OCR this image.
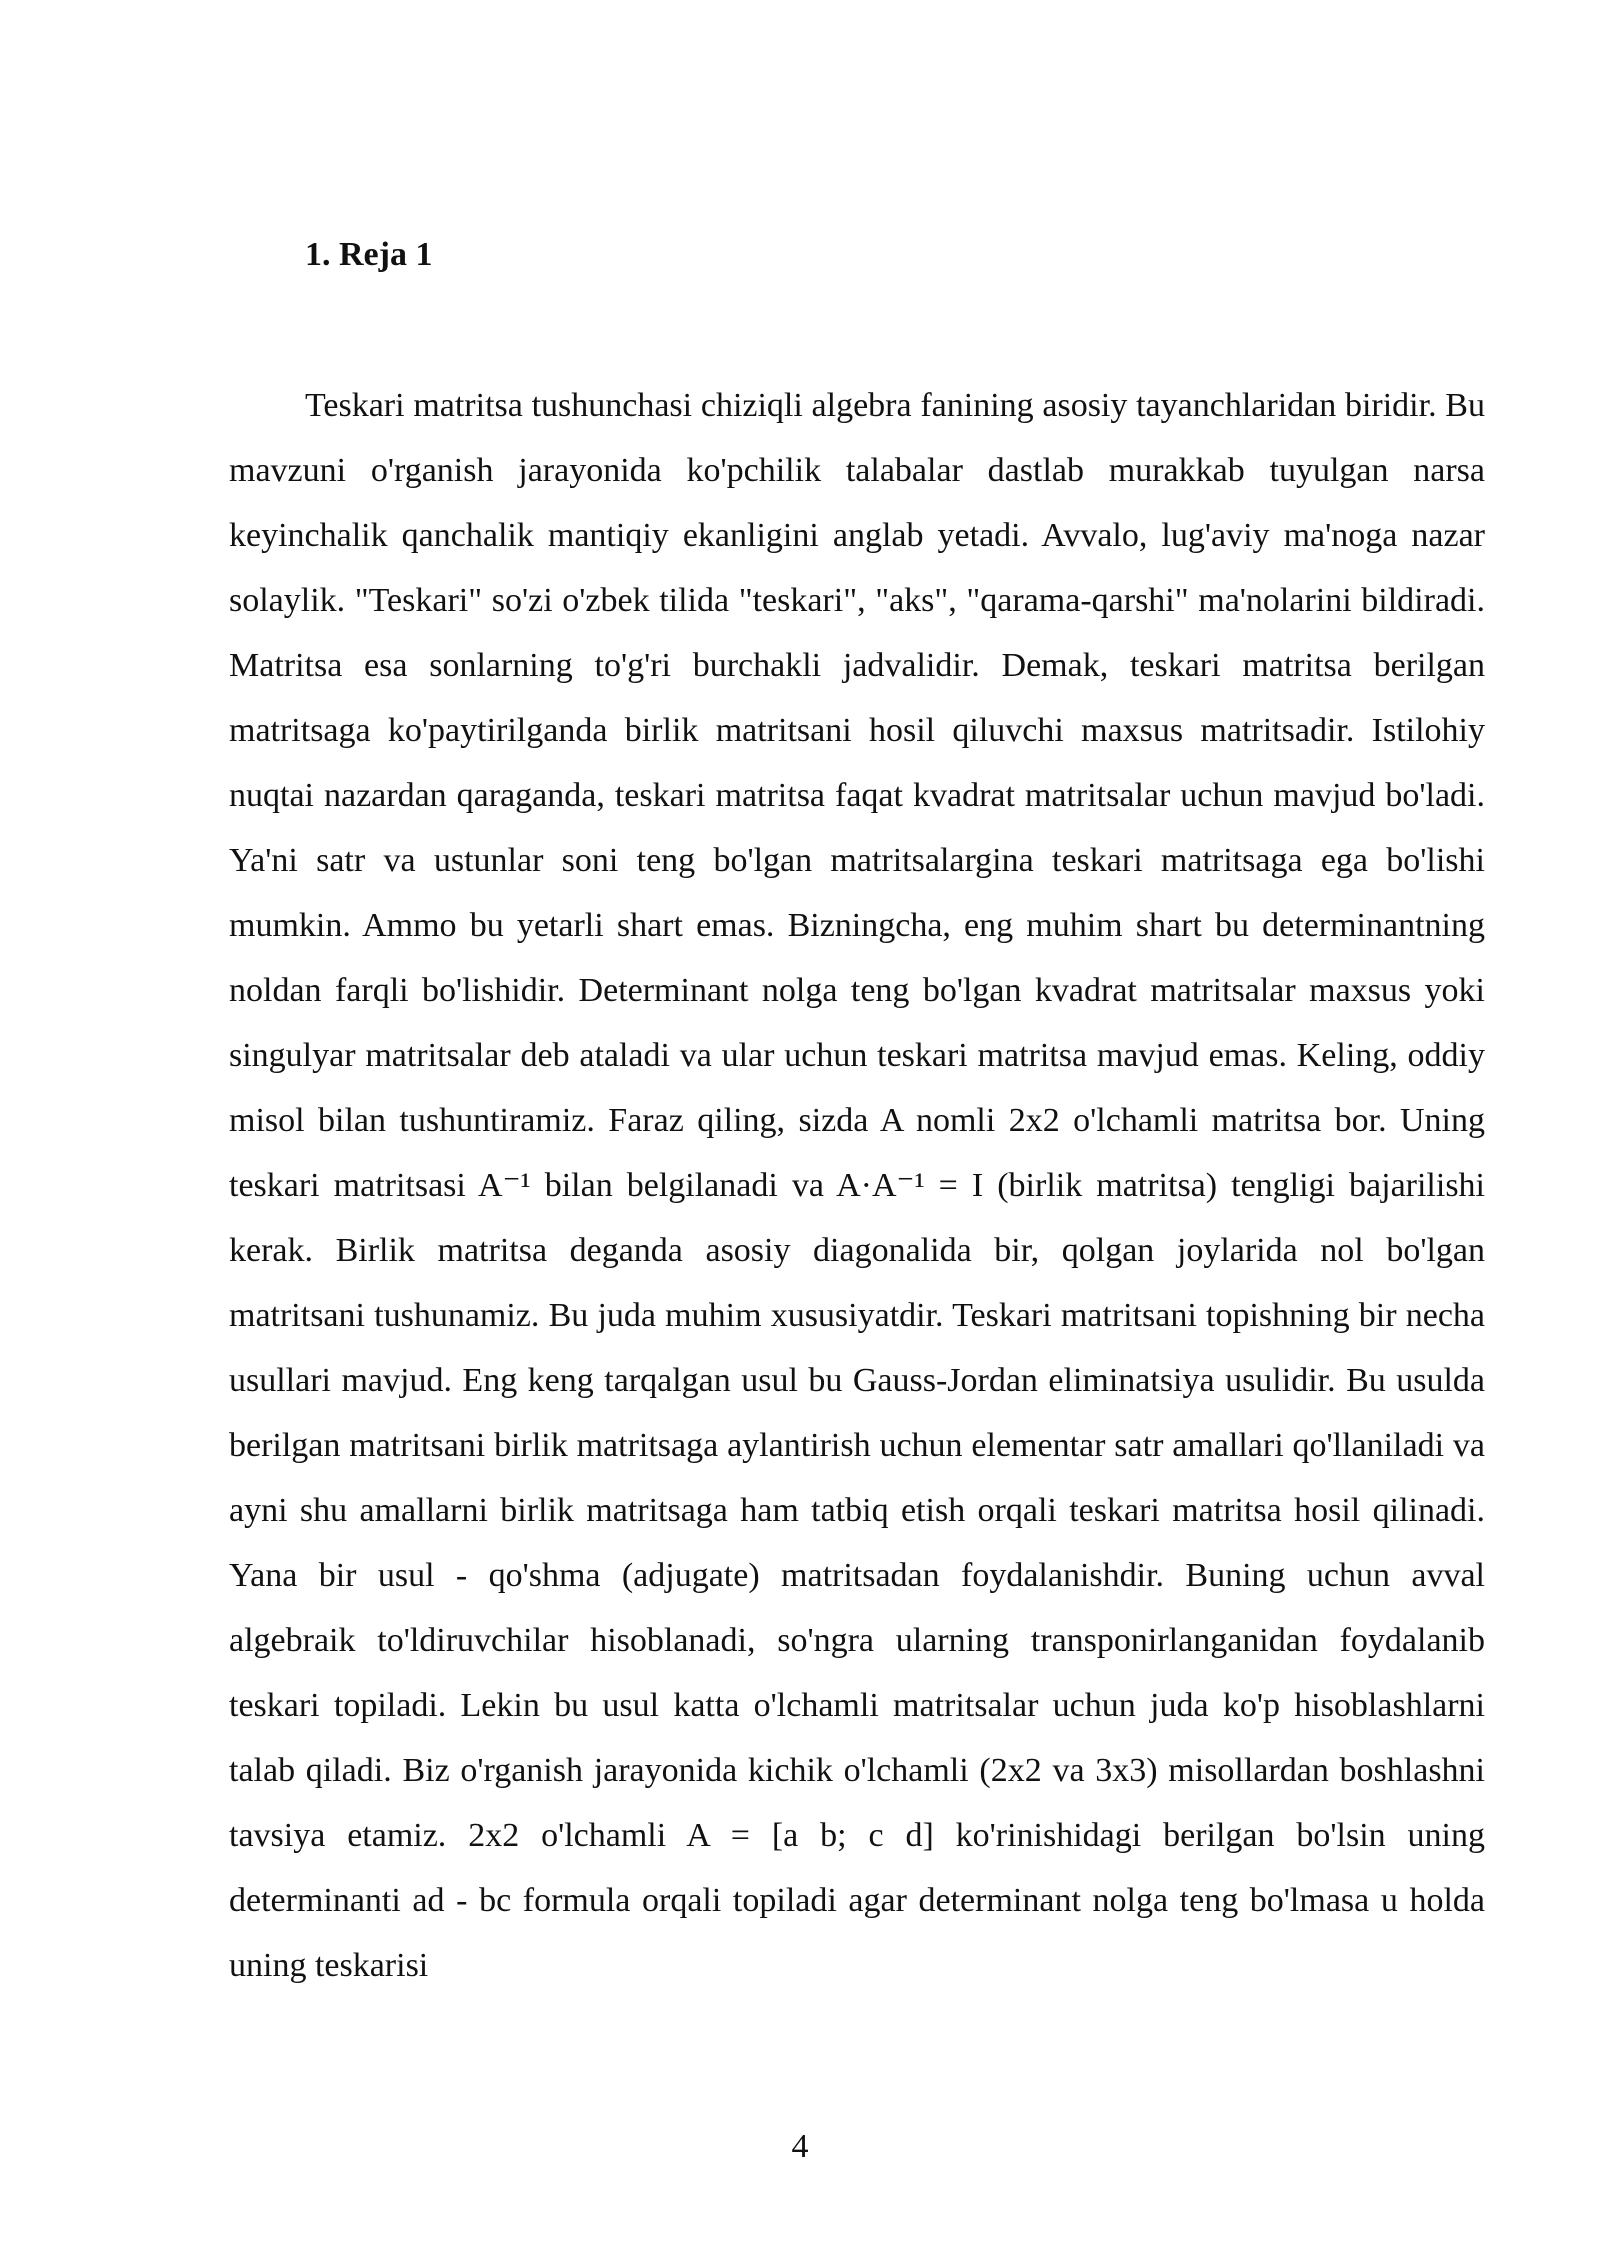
1. Reja 1

Teskari matritsa tushunchasi chiziqli algebra fanining asosiy tayanchlaridan biridir. Bu mavzuni o'rganish jarayonida ko'pchilik talabalar dastlab murakkab tuyulgan narsa keyinchalik qanchalik mantiqiy ekanligini anglab yetadi. Avvalo, lug'aviy ma'noga nazar solaylik. "Teskari" so'zi o'zbek tilida "teskari", "aks", "qarama-qarshi" ma'nolarini bildiradi. Matritsa esa sonlarning to'g'ri burchakli jadvalidir. Demak, teskari matritsa berilgan matritsaga ko'paytirilganda birlik matritsani hosil qiluvchi maxsus matritsadir. Istilohiy nuqtai nazardan qaraganda, teskari matritsa faqat kvadrat matritsalar uchun mavjud bo'ladi. Ya'ni satr va ustunlar soni teng bo'lgan matritsalargina teskari matritsaga ega bo'lishi mumkin. Ammo bu yetarli shart emas. Bizningcha, eng muhim shart bu determinantning noldan farqli bo'lishidir. Determinant nolga teng bo'lgan kvadrat matritsalar maxsus yoki singulyar matritsalar deb ataladi va ular uchun teskari matritsa mavjud emas. Keling, oddiy misol bilan tushuntiramiz. Faraz qiling, sizda A nomli 2x2 o'lchamli matritsa bor. Uning teskari matritsasi A⁻¹ bilan belgilanadi va A·A⁻¹ = I (birlik matritsa) tengligi bajarilishi kerak. Birlik matritsa deganda asosiy diagonalida bir, qolgan joylarida nol bo'lgan matritsani tushunamiz. Bu juda muhim xususiyatdir. Teskari matritsani topishning bir necha usullari mavjud. Eng keng tarqalgan usul bu Gauss-Jordan eliminatsiya usulidir. Bu usulda berilgan matritsani birlik matritsaga aylantirish uchun elementar satr amallari qo'llaniladi va ayni shu amallarni birlik matritsaga ham tatbiq etish orqali teskari matritsa hosil qilinadi. Yana bir usul - qo'shma (adjugate) matritsadan foydalanishdir. Buning uchun avval algebraik to'ldiruvchilar hisoblanadi, so'ngra ularning transponirlanganidan foydalanib teskari topiladi. Lekin bu usul katta o'lchamli matritsalar uchun juda ko'p hisoblashlarni talab qiladi. Biz o'rganish jarayonida kichik o'lchamli (2x2 va 3x3) misollardan boshlashni tavsiya etamiz. 2x2 o'lchamli A = [a b; c d] ko'rinishidagi berilgan bo'lsin uning determinanti ad - bc formula orqali topiladi agar determinant nolga teng bo'lmasa u holda uning teskarisi

4
